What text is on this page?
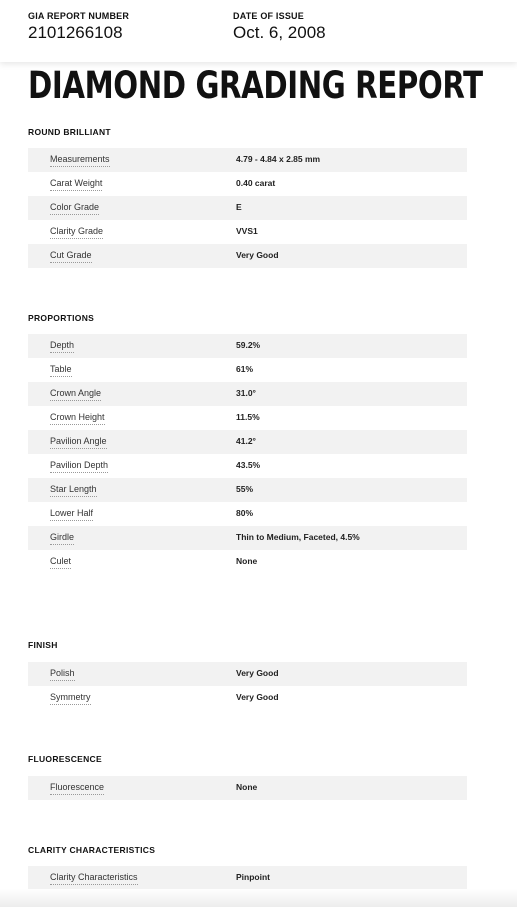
GIA REPORT NUMBER
2101266108
DATE OF ISSUE
Oct. 6, 2008
DIAMOND GRADING REPORT
ROUND BRILLIANT
Measurements	4.79 - 4.84 x 2.85 mm
Carat Weight	0.40 carat
Color Grade	E
Clarity Grade	VVS1
Cut Grade	Very Good
PROPORTIONS
Depth	59.2%
Table	61%
Crown Angle	31.0°
Crown Height	11.5%
Pavilion Angle	41.2°
Pavilion Depth	43.5%
Star Length	55%
Lower Half	80%
Girdle	Thin to Medium, Faceted, 4.5%
Culet	None
FINISH
Polish	Very Good
Symmetry	Very Good
FLUORESCENCE
Fluorescence	None
CLARITY CHARACTERISTICS
Clarity Characteristics	Pinpoint
